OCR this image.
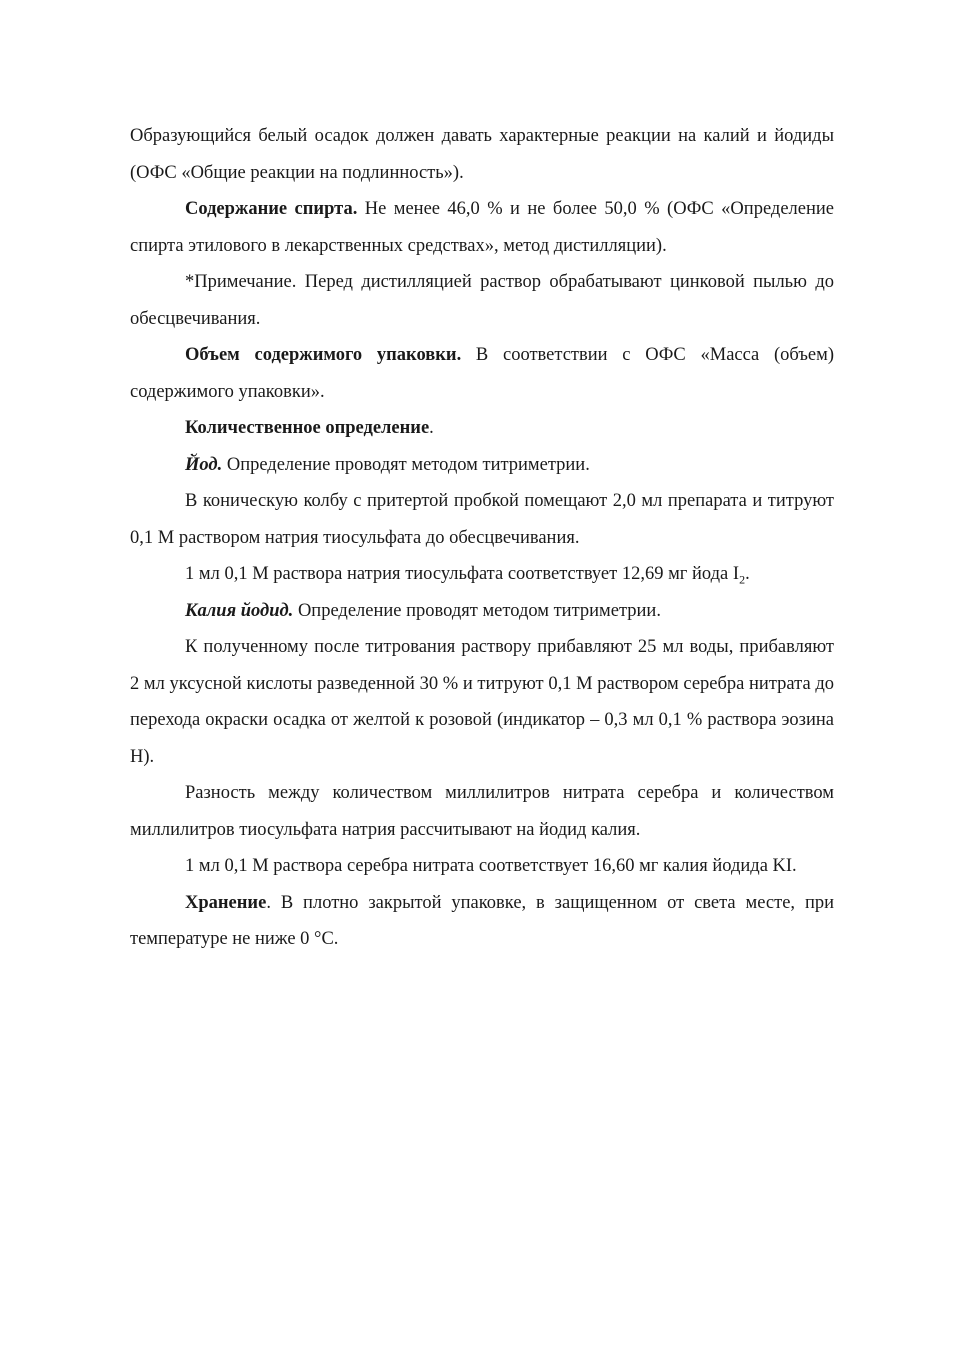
Образующийся белый осадок должен давать характерные реакции на калий и йодиды (ОФС «Общие реакции на подлинность»).

Содержание спирта. Не менее 46,0 % и не более 50,0 % (ОФС «Определение спирта этилового в лекарственных средствах», метод дистилляции).

*Примечание. Перед дистилляцией раствор обрабатывают цинковой пылью до обесцвечивания.

Объем содержимого упаковки. В соответствии с ОФС «Масса (объем) содержимого упаковки».

Количественное определение.

Йод. Определение проводят методом титриметрии.

В коническую колбу с притертой пробкой помещают 2,0 мл препарата и титруют 0,1 М раствором натрия тиосульфата до обесцвечивания.

1 мл 0,1 М раствора натрия тиосульфата соответствует 12,69 мг йода $I_2$.

Калия йодид. Определение проводят методом титриметрии.

К полученному после титрования раствору прибавляют 25 мл воды, прибавляют 2 мл уксусной кислоты разведенной 30 % и титруют 0,1 М раствором серебра нитрата до перехода окраски осадка от желтой к розовой (индикатор – 0,3 мл 0,1 % раствора эозина Н).

Разность между количеством миллилитров нитрата серебра и количеством миллилитров тиосульфата натрия рассчитывают на йодид калия.

1 мл 0,1 М раствора серебра нитрата соответствует 16,60 мг калия йодида KI.

Хранение. В плотно закрытой упаковке, в защищенном от света месте, при температуре не ниже 0 °С.
